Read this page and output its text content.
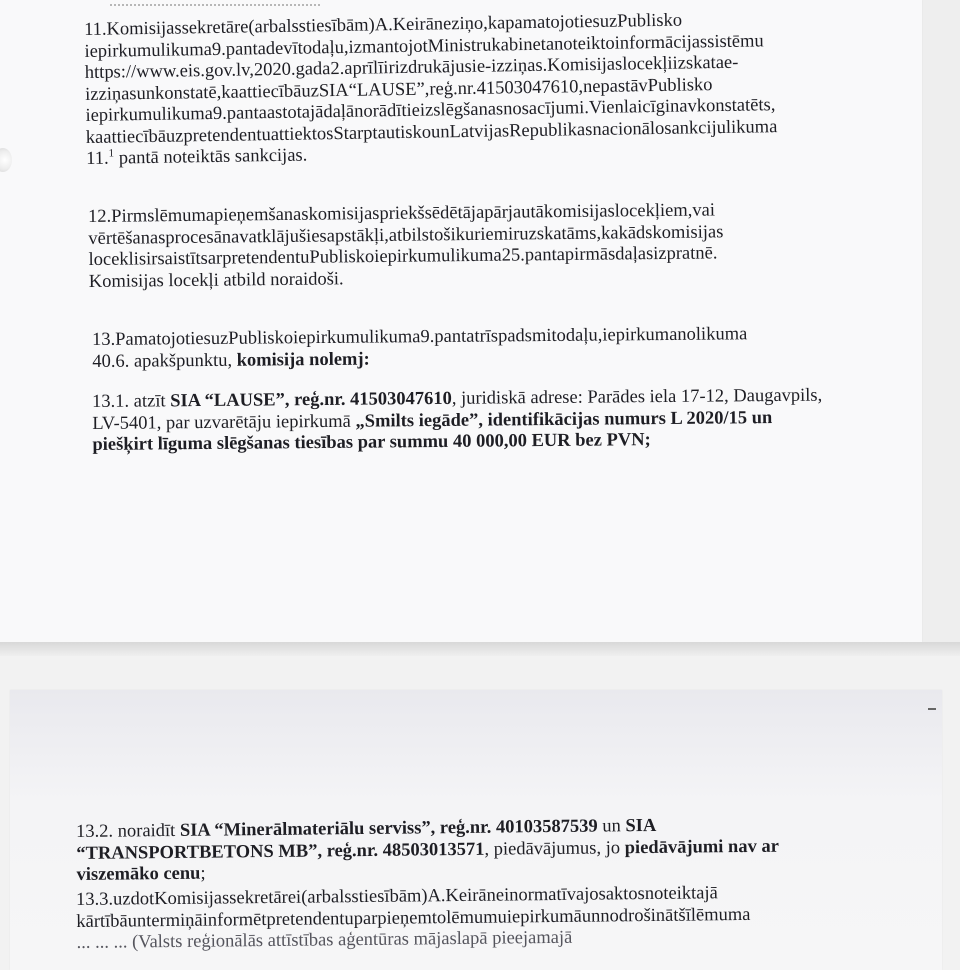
11.Komisijassekretāre(arbalsstiesībām)A.Keirāneziņo,kapamatojotiesuzPublisko
iepirkumulikuma9.pantadevītodaļu,izmantojotMinistrukabinetanoteiktoinformācijassistēmu
https://www.eis.gov.lv,2020.gada2.aprīlīirizdrukājusie-izziņas.Komisijaslocekļiizskatae-
izziņasunkonstatē,kaattiecībāuzSIA“LAUSE”,reģ.nr.41503047610,nepastāvPublisko
iepirkumulikuma9.pantaastotajādaļānorādītieizslēgšanasnosacījumi.Vienlaicīginavkonstatēts,
kaattiecībāuzpretendentuattiektosStarptautiskounLatvijasRepublikasnacionālosankcijulikuma
11.$^1$ pantā noteiktās sankcijas.

12.Pirmslēmumapieņemšanaskomisijaspriekšsēdētājapārjautākomisijaslocekļiem,vai
vērtēšanasprocesānavatklājušiesapstākļi,atbilstošikuriemiruzskatāms,kakādskomisijas
loceklisirsaistītsarpretendentuPubliskoiepirkumulikuma25.pantapirmāsdaļasizpratnē.
Komisijas locekļi atbild noraidoši.

13.PamatojotiesuzPubliskoiepirkumulikuma9.pantatrīspadsmitodaļu,iepirkumanolikuma
40.6. apakšpunktu, komisija nolemj:

13.1. atzīt SIA “LAUSE”, reģ.nr. 41503047610, juridiskā adrese: Parādes iela 17-12, Daugavpils,
LV-5401, par uzvarētāju iepirkumā „Smilts iegāde”, identifikācijas numurs L 2020/15 un
piešķirt līguma slēgšanas tiesības par summu 40 000,00 EUR bez PVN;

13.2. noraidīt SIA “Minerālmateriālu serviss”, reģ.nr. 40103587539 un SIA
“TRANSPORTBETONS MB”, reģ.nr. 48503013571, piedāvājumus, jo piedāvājumi nav ar
viszemāko cenu;

13.3.uzdotKomisijassekretārei(arbalsstiesībām)A.Keirāneinormatīvajosaktosnoteiktajā
kārtībāuntermiņāinformētpretendentuparpieņemtolēmumuiepirkumāunnodrošinātšīlēmuma
... ... ... (Valsts reģionālās attīstības aģentūras mājaslapā pieejamajā
